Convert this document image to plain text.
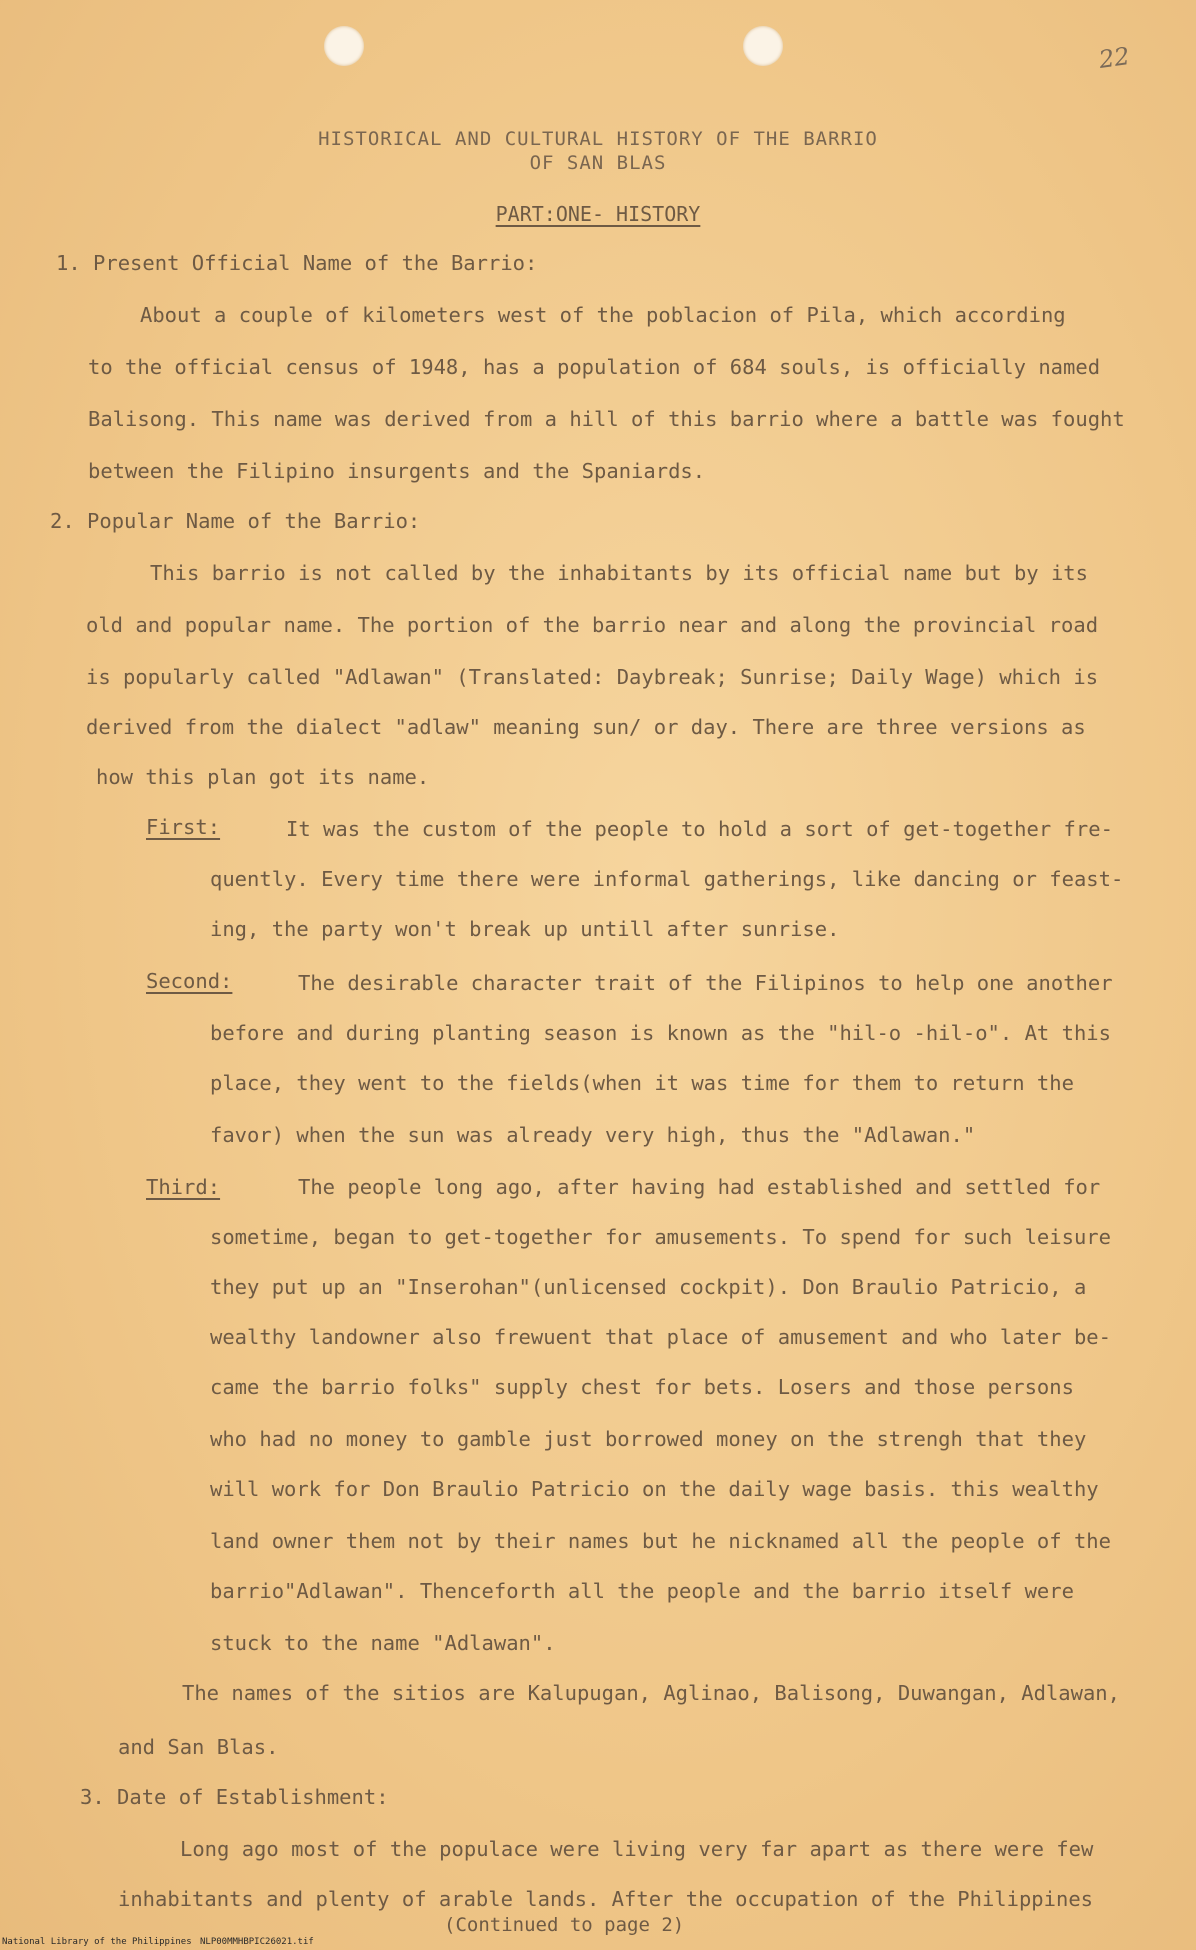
22
HISTORICAL AND CULTURAL HISTORY OF THE BARRIO
OF SAN BLAS
PART:ONE- HISTORY
1. Present Official Name of the Barrio:
About a couple of kilometers west of the poblacion of Pila, which according
to the official census of 1948, has a population of 684 souls, is officially named
Balisong. This name was derived from a hill of this barrio where a battle was fought
between the Filipino insurgents and the Spaniards.
2. Popular Name of the Barrio:
This barrio is not called by the inhabitants by its official name but by its
old and popular name. The portion of the barrio near and along the provincial road
is popularly called "Adlawan" (Translated: Daybreak; Sunrise; Daily Wage) which is
derived from the dialect "adlaw" meaning sun/ or day. There are three versions as
how this plan got its name.
First:	It was the custom of the people to hold a sort of get-together fre-
quently. Every time there were informal gatherings, like dancing or feast-
ing, the party won't break up untill after sunrise.
Second:	The desirable character trait of the Filipinos to help one another
before and during planting season is known as the "hil-o -hil-o". At this
place, they went to the fields(when it was time for them to return the
favor) when the sun was already very high, thus the "Adlawan."
Third:	The people long ago, after having had established and settled for
sometime, began to get-together for amusements. To spend for such leisure
they put up an "Inserohan"(unlicensed cockpit). Don Braulio Patricio, a
wealthy landowner also frewuent that place of amusement and who later be-
came the barrio folks" supply chest for bets. Losers and those persons
who had no money to gamble just borrowed money on the strengh that they
will work for Don Braulio Patricio on the daily wage basis. this wealthy
land owner them not by their names but he nicknamed all the people of the
barrio"Adlawan". Thenceforth all the people and the barrio itself were
stuck to the name "Adlawan".
The names of the sitios are Kalupugan, Aglinao, Balisong, Duwangan, Adlawan,
and San Blas.
3. Date of Establishment:
Long ago most of the populace were living very far apart as there were few
inhabitants and plenty of arable lands. After the occupation of the Philippines
(Continued to page 2)
National Library of the Philippines NLP00MMHBPIC26021.tif
